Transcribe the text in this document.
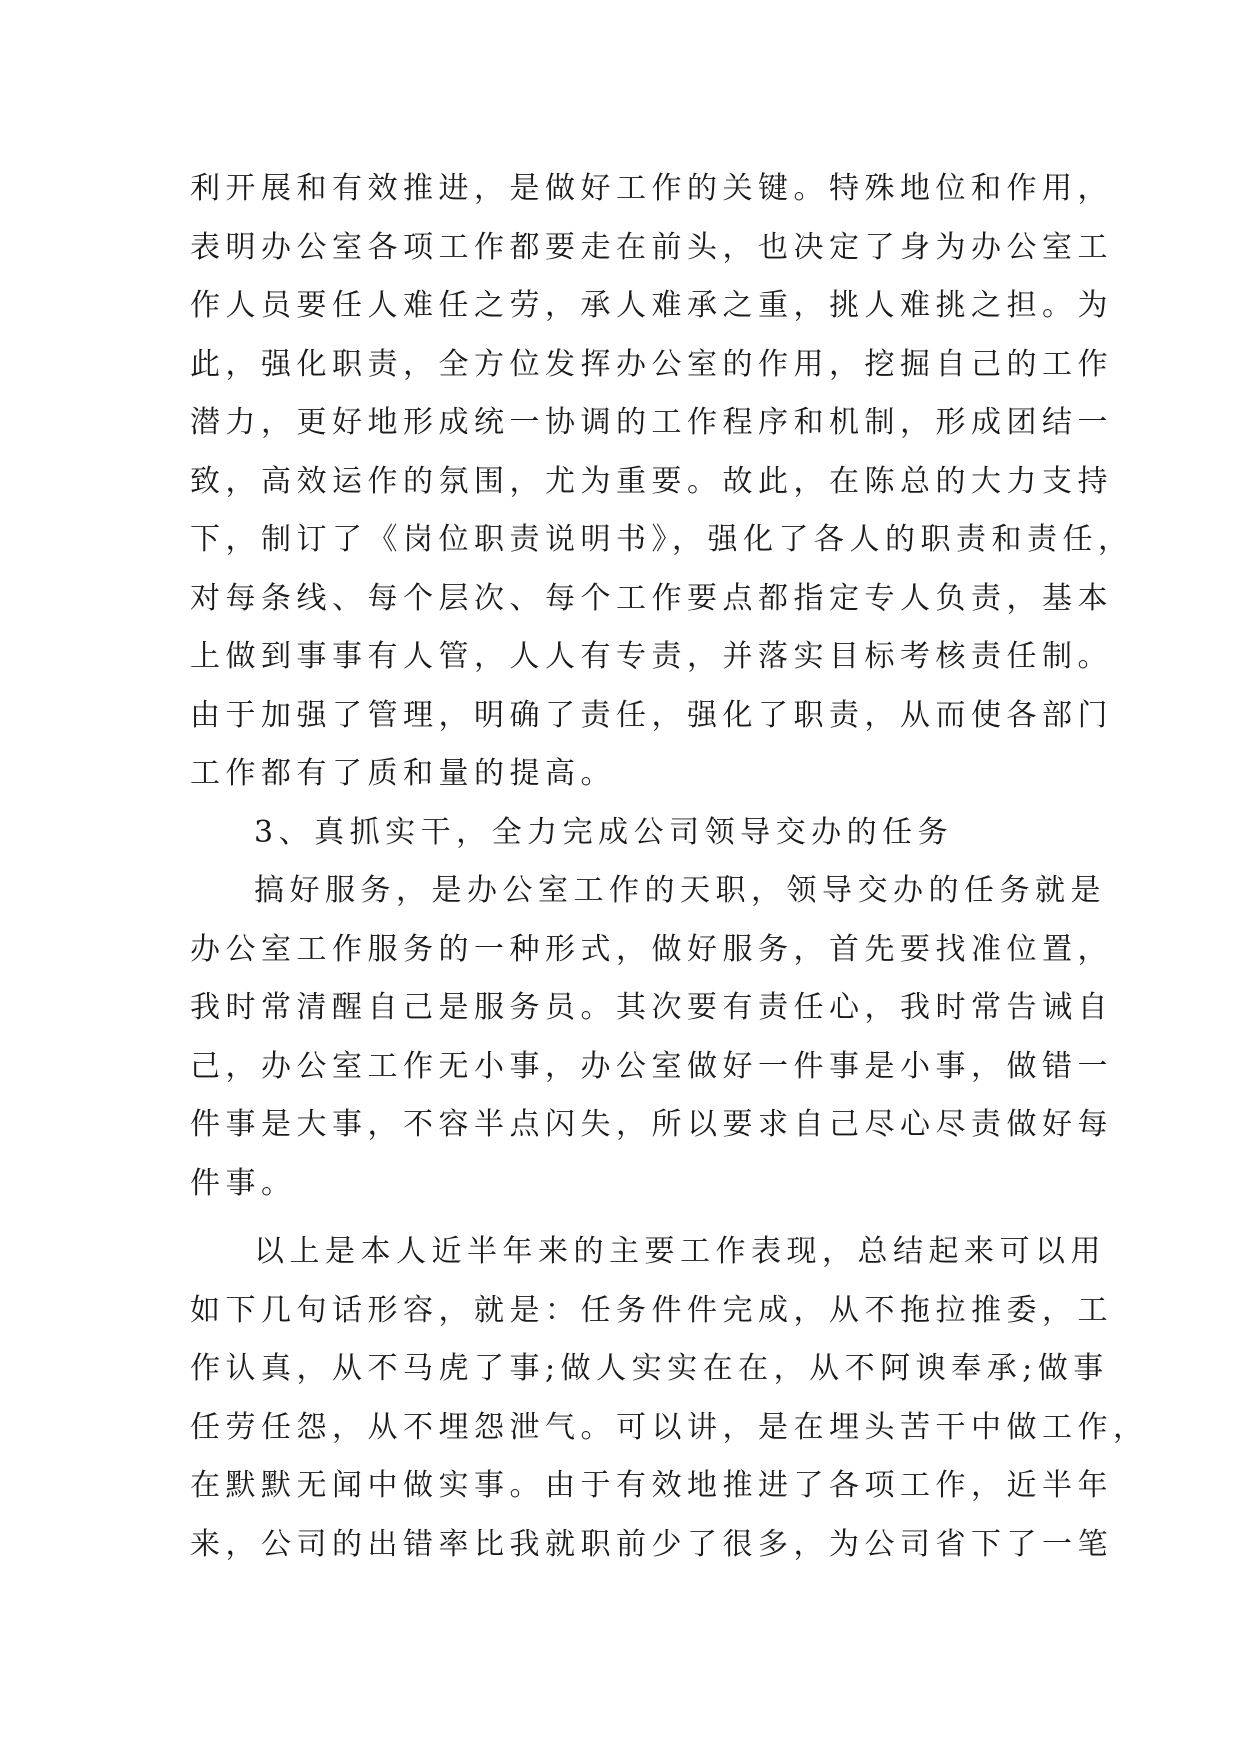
利开展和有效推进，是做好工作的关键。特殊地位和作用，
表明办公室各项工作都要走在前头，也决定了身为办公室工
作人员要任人难任之劳，承人难承之重，挑人难挑之担。为
此，强化职责，全方位发挥办公室的作用，挖掘自己的工作
潜力，更好地形成统一协调的工作程序和机制，形成团结一
致，高效运作的氛围，尤为重要。故此，在陈总的大力支持
下，制订了《岗位职责说明书》，强化了各人的职责和责任，
对每条线、每个层次、每个工作要点都指定专人负责，基本
上做到事事有人管，人人有专责，并落实目标考核责任制。
由于加强了管理，明确了责任，强化了职责，从而使各部门
工作都有了质和量的提高。
3、真抓实干，全力完成公司领导交办的任务
搞好服务，是办公室工作的天职，领导交办的任务就是
办公室工作服务的一种形式，做好服务，首先要找准位置，
我时常清醒自己是服务员。其次要有责任心，我时常告诫自
己，办公室工作无小事，办公室做好一件事是小事，做错一
件事是大事，不容半点闪失，所以要求自己尽心尽责做好每
件事。
以上是本人近半年来的主要工作表现，总结起来可以用
如下几句话形容，就是：任务件件完成，从不拖拉推委，工
作认真，从不马虎了事;做人实实在在，从不阿谀奉承;做事
任劳任怨，从不埋怨泄气。可以讲，是在埋头苦干中做工作，
在默默无闻中做实事。由于有效地推进了各项工作，近半年
来，公司的出错率比我就职前少了很多，为公司省下了一笔
